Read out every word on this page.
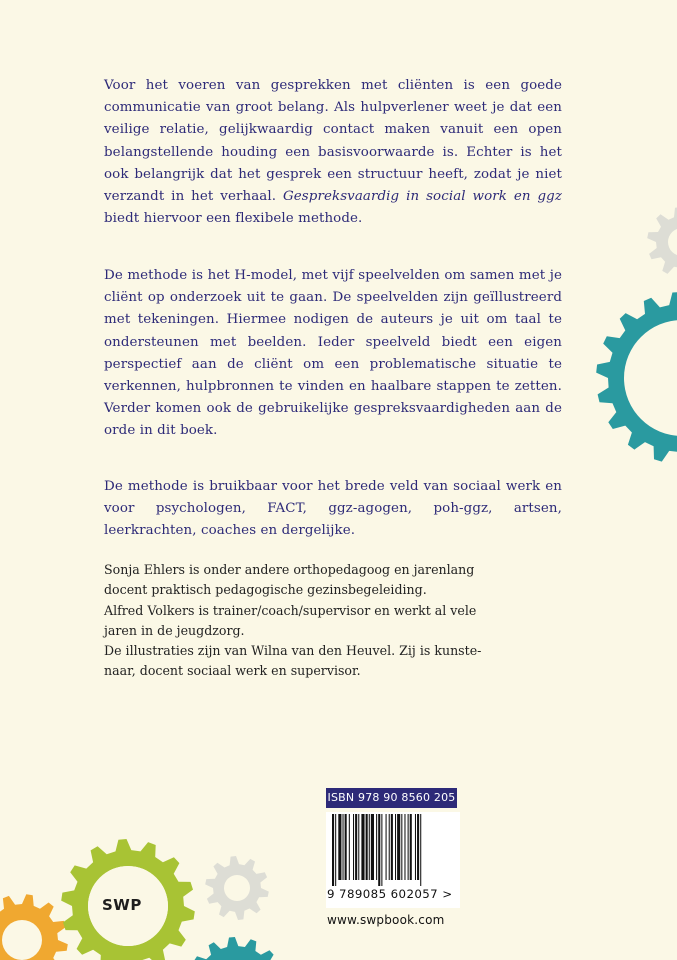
Voor het voeren van gesprekken met cliënten is een goede communicatie van groot belang. Als hulpverlener weet je dat een veilige relatie, gelijkwaardig contact maken vanuit een open belangstellende houding een basisvoorwaarde is. Echter is het ook belangrijk dat het gesprek een structuur heeft, zodat je niet verzandt in het verhaal. Gespreksvaardig in social work en ggz biedt hiervoor een flexibele methode.

De methode is het H-model, met vijf speelvelden om samen met je cliënt op onderzoek uit te gaan. De speelvelden zijn geïllustreerd met tekeningen. Hiermee nodigen de auteurs je uit om taal te ondersteunen met beelden. Ieder speelveld biedt een eigen perspectief aan de cliënt om een problematische situatie te verkennen, hulpbronnen te vinden en haalbare stappen te zetten. Verder komen ook de gebruikelijke gespreksvaardigheden aan de orde in dit boek.

De methode is bruikbaar voor het brede veld van sociaal werk en voor psychologen, FACT, ggz-agogen, poh-ggz, artsen, leerkrachten, coaches en dergelijke.

Sonja Ehlers is onder andere orthopedagoog en jarenlang
docent praktisch pedagogische gezinsbegeleiding.
Alfred Volkers is trainer/coach/supervisor en werkt al vele
jaren in de jeugdzorg.
De illustraties zijn van Wilna van den Heuvel. Zij is kunste-
naar, docent sociaal werk en supervisor.
ISBN 978 90 8560 205
9 789085 602057 >
www.swpbook.com
SWP
